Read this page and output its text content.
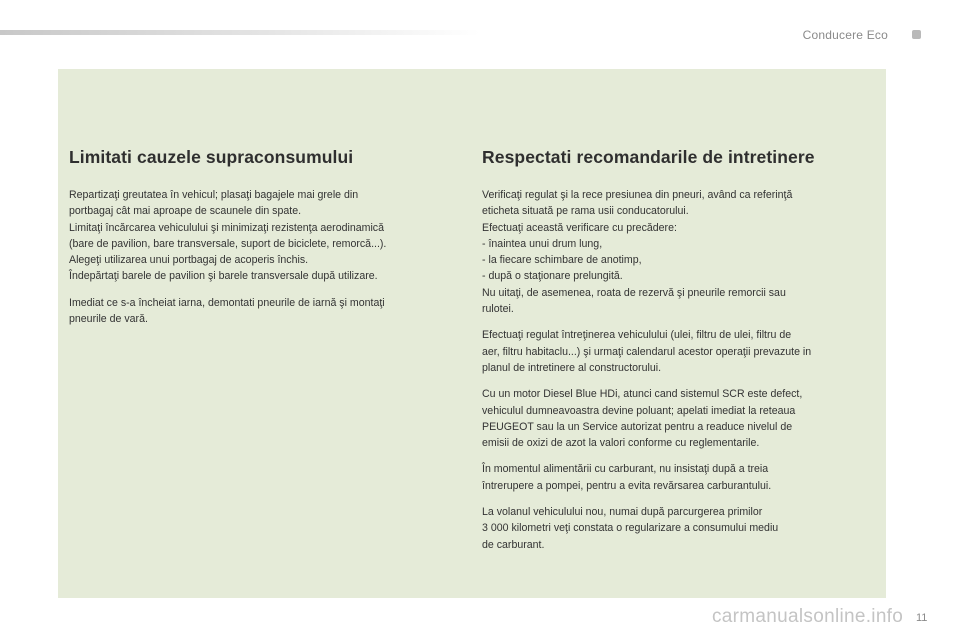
Conducere Eco
Limitati cauzele supraconsumului

Repartizaţi greutatea în vehicul; plasaţi bagajele mai grele din
portbagaj cât mai aproape de scaunele din spate.
Limitaţi încărcarea vehiculului şi minimizaţi rezistenţa aerodinamică
(bare de pavilion, bare transversale, suport de biciclete, remorcă...).
Alegeţi utilizarea unui portbagaj de acoperis închis.
Îndepărtaţi barele de pavilion şi barele transversale după utilizare.

Imediat ce s-a încheiat iarna, demontati pneurile de iarnă şi montaţi
pneurile de vară.

Respectati recomandarile de intretinere

Verificaţi regulat şi la rece presiunea din pneuri, având ca referinţă
eticheta situată pe rama usii conducatorului.
Efectuaţi această verificare cu precădere:
- înaintea unui drum lung,
- la fiecare schimbare de anotimp,
- după o staţionare prelungită.
Nu uitaţi, de asemenea, roata de rezervă şi pneurile remorcii sau
rulotei.

Efectuaţi regulat întreţinerea vehiculului (ulei, filtru de ulei, filtru de
aer, filtru habitaclu...) şi urmaţi calendarul acestor operaţii prevazute in
planul de intretinere al constructorului.

Cu un motor Diesel Blue HDi, atunci cand sistemul SCR este defect,
vehiculul dumneavoastra devine poluant; apelati imediat la reteaua
PEUGEOT sau la un Service autorizat pentru a readuce nivelul de
emisii de oxizi de azot la valori conforme cu reglementarile.

În momentul alimentării cu carburant, nu insistaţi după a treia
întrerupere a pompei, pentru a evita revărsarea carburantului.

La volanul vehiculului nou, numai după parcurgerea primilor
3 000 kilometri veţi constata o regularizare a consumului mediu
de carburant.

carmanualsonline.info 11
